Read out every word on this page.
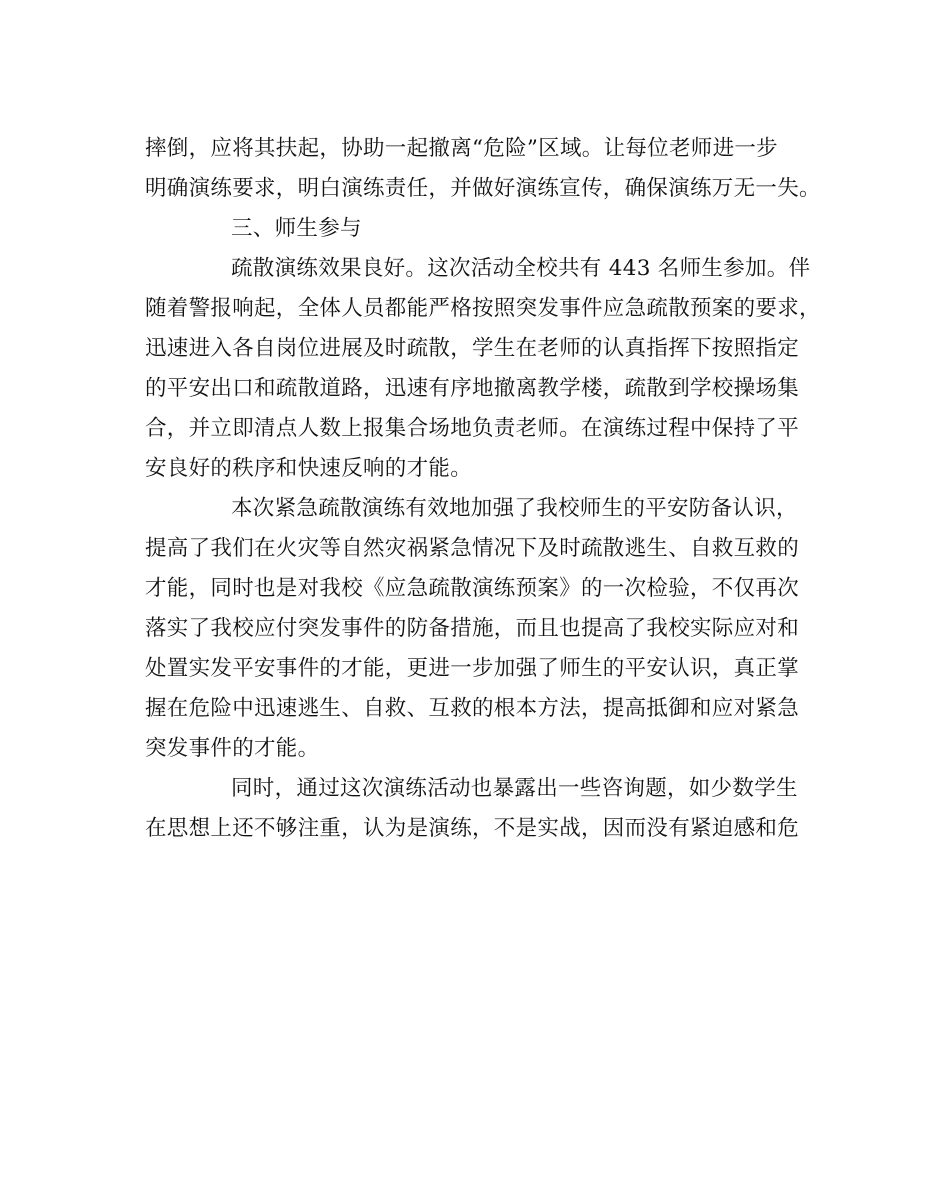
摔倒，应将其扶起，协助一起撤离“危险”区域。让每位老师进一步
明确演练要求，明白演练责任，并做好演练宣传，确保演练万无一失。
三、师生参与
疏散演练效果良好。这次活动全校共有 443 名师生参加。伴
随着警报响起，全体人员都能严格按照突发事件应急疏散预案的要求，
迅速进入各自岗位进展及时疏散，学生在老师的认真指挥下按照指定
的平安出口和疏散道路，迅速有序地撤离教学楼，疏散到学校操场集
合，并立即清点人数上报集合场地负责老师。在演练过程中保持了平
安良好的秩序和快速反响的才能。
本次紧急疏散演练有效地加强了我校师生的平安防备认识，
提高了我们在火灾等自然灾祸紧急情况下及时疏散逃生、自救互救的
才能，同时也是对我校《应急疏散演练预案》的一次检验，不仅再次
落实了我校应付突发事件的防备措施，而且也提高了我校实际应对和
处置实发平安事件的才能，更进一步加强了师生的平安认识，真正掌
握在危险中迅速逃生、自救、互救的根本方法，提高抵御和应对紧急
突发事件的才能。
同时，通过这次演练活动也暴露出一些咨询题，如少数学生
在思想上还不够注重，认为是演练，不是实战，因而没有紧迫感和危
